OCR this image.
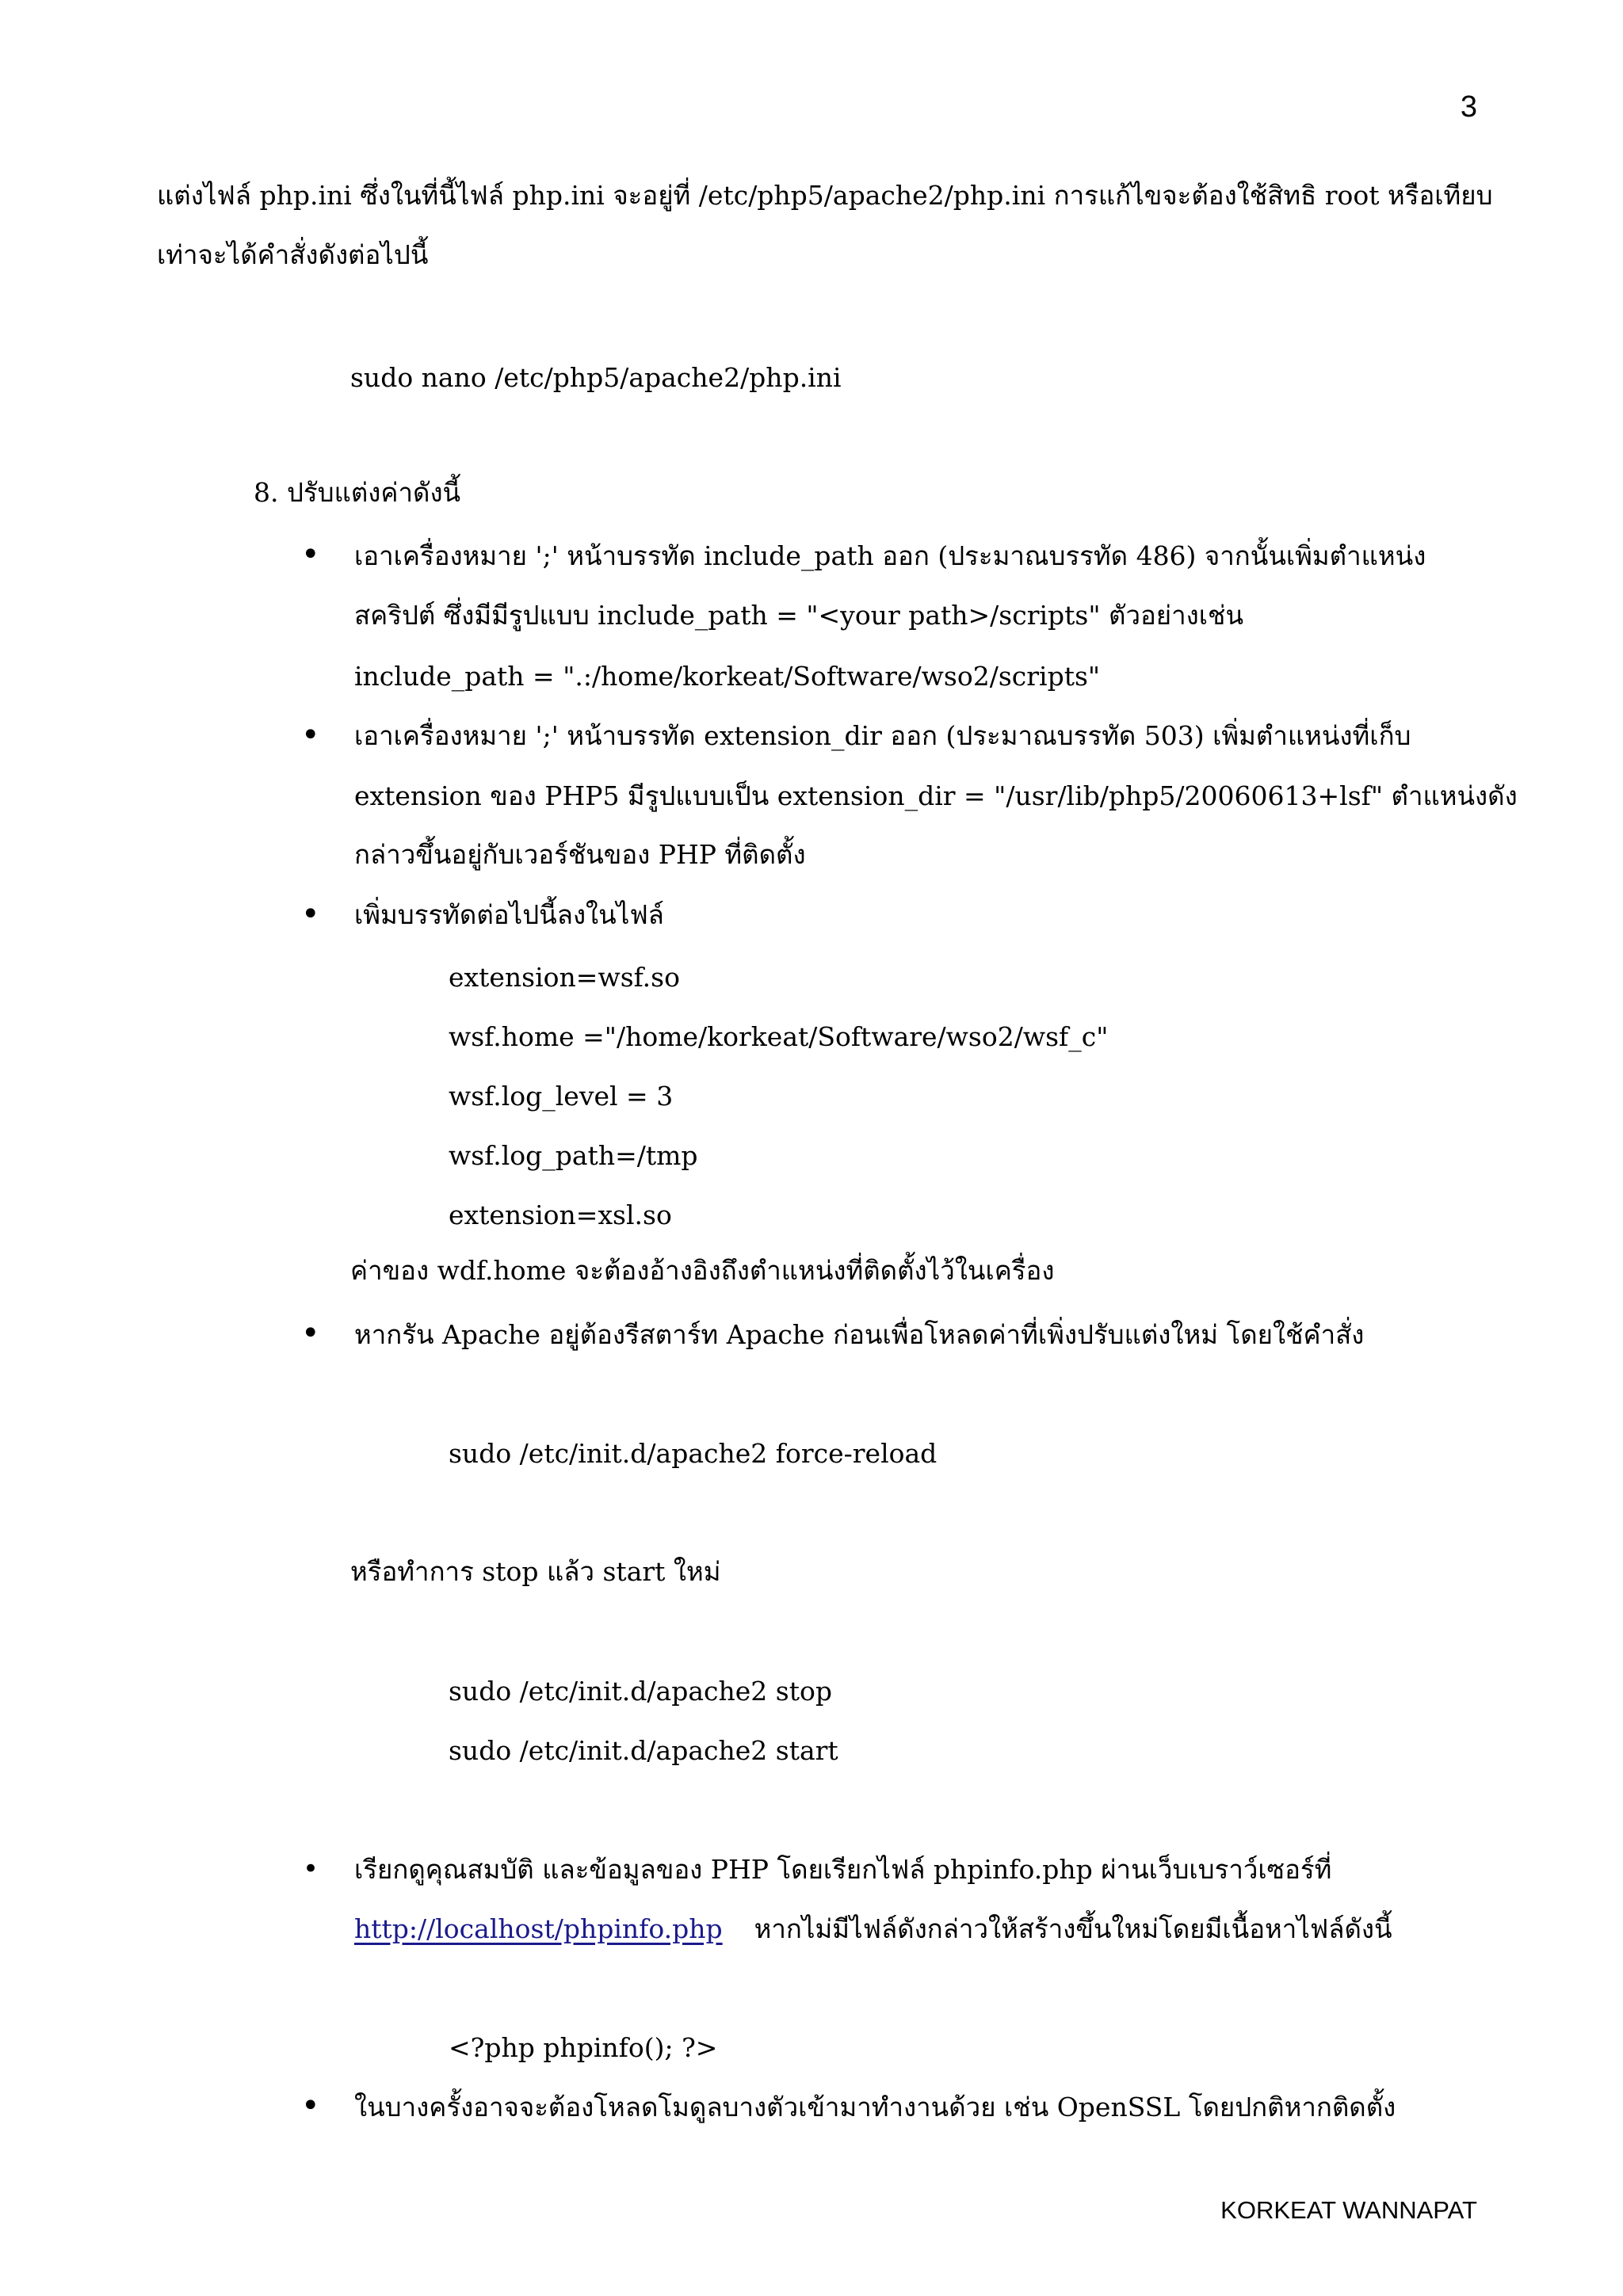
3
แต่งไฟล์ php.ini ซึ่งในที่นี้ไฟล์ php.ini จะอยู่ที่ /etc/php5/apache2/php.ini การแก้ไขจะต้องใช้สิทธิ root หรือเทียบ
เท่าจะได้คำสั่งดังต่อไปนี้
sudo nano /etc/php5/apache2/php.ini
8. ปรับแต่งค่าดังนี้
• เอาเครื่องหมาย ';' หน้าบรรทัด include_path ออก (ประมาณบรรทัด 486) จากนั้นเพิ่มตำแหน่ง
สคริปต์ ซึ่งมีมีรูปแบบ include_path = "<your path>/scripts" ตัวอย่างเช่น
include_path = ".:/home/korkeat/Software/wso2/scripts"
• เอาเครื่องหมาย ';' หน้าบรรทัด extension_dir ออก (ประมาณบรรทัด 503) เพิ่มตำแหน่งที่เก็บ
extension ของ PHP5 มีรูปแบบเป็น extension_dir = "/usr/lib/php5/20060613+lsf" ตำแหน่งดัง
กล่าวขึ้นอยู่กับเวอร์ชันของ PHP ที่ติดตั้ง
• เพิ่มบรรทัดต่อไปนี้ลงในไฟล์
extension=wsf.so
wsf.home ="/home/korkeat/Software/wso2/wsf_c"
wsf.log_level = 3
wsf.log_path=/tmp
extension=xsl.so
ค่าของ wdf.home จะต้องอ้างอิงถึงตำแหน่งที่ติดตั้งไว้ในเครื่อง
• หากรัน Apache อยู่ต้องรีสตาร์ท Apache ก่อนเพื่อโหลดค่าที่เพิ่งปรับแต่งใหม่ โดยใช้คำสั่ง
sudo /etc/init.d/apache2 force-reload
หรือทำการ stop แล้ว start ใหม่
sudo /etc/init.d/apache2 stop
sudo /etc/init.d/apache2 start
• เรียกดูคุณสมบัติ และข้อมูลของ PHP โดยเรียกไฟล์ phpinfo.php ผ่านเว็บเบราว์เซอร์ที่
http://localhost/phpinfo.php หากไม่มีไฟล์ดังกล่าวให้สร้างขึ้นใหม่โดยมีเนื้อหาไฟล์ดังนี้
<?php phpinfo(); ?>
• ในบางครั้งอาจจะต้องโหลดโมดูลบางตัวเข้ามาทำงานด้วย เช่น OpenSSL โดยปกติหากติดตั้ง
KORKEAT WANNAPAT
